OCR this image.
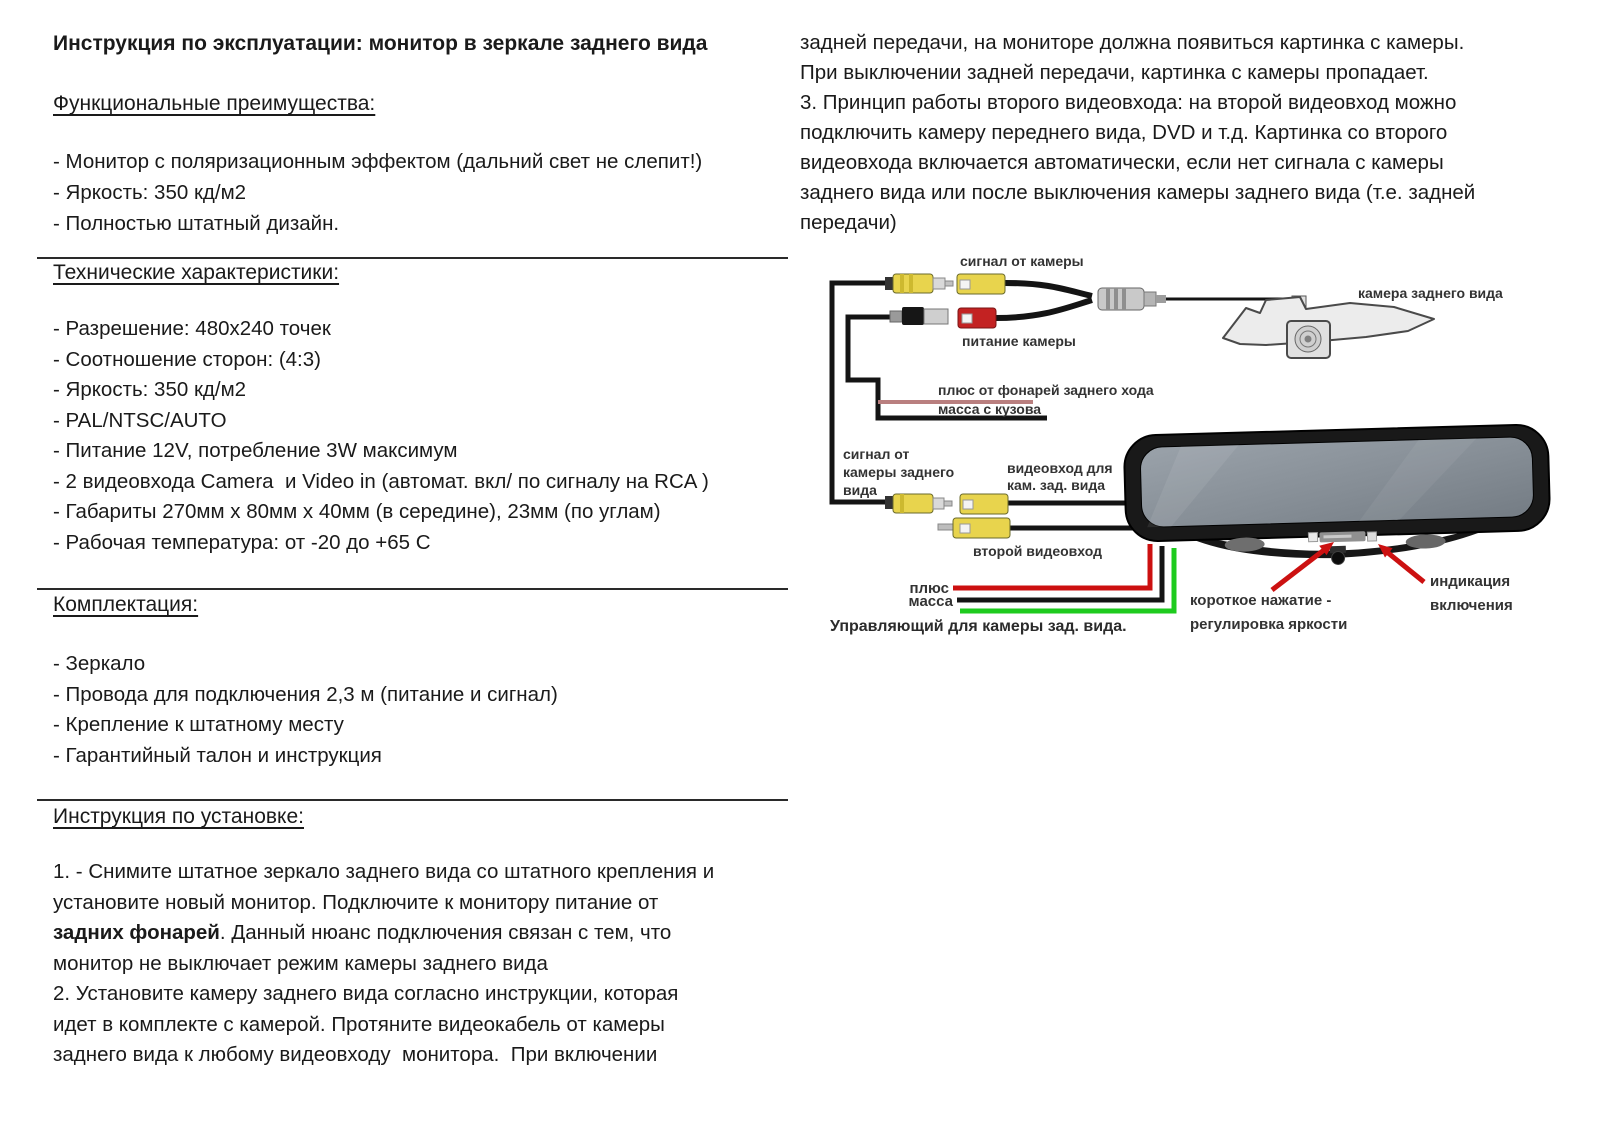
Инструкция по эксплуатации: монитор в зеркале заднего вида
Функциональные преимущества:
- Монитор с поляризационным эффектом (дальний свет не слепит!)
- Яркость: 350 кд/м2
- Полностью штатный дизайн.
Технические характеристики:
- Разрешение: 480х240 точек
- Соотношение сторон: (4:3)
- Яркость: 350 кд/м2
- PAL/NTSC/AUTO
- Питание 12V, потребление 3W максимум
- 2 видеовхода Camera  и Video in (автомат. вкл/ по сигналу на RCA )
- Габариты 270мм х 80мм х 40мм (в середине), 23мм (по углам)
- Рабочая температура: от -20 до +65 С
Комплектация:
- Зеркало
- Провода для подключения 2,3 м (питание и сигнал)
- Крепление к штатному месту
- Гарантийный талон и инструкция
Инструкция по установке:
1. - Снимите штатное зеркало заднего вида со штатного крепления и
установите новый монитор. Подключите к монитору питание от
задних фонарей. Данный нюанс подключения связан с тем, что
монитор не выключает режим камеры заднего вида
2. Установите камеру заднего вида согласно инструкции, которая
идет в комплекте с камерой. Протяните видеокабель от камеры
заднего вида к любому видеовходу  монитора.  При включении
задней передачи, на мониторе должна появиться картинка с камеры.
При выключении задней передачи, картинка с камеры пропадает.
3. Принцип работы второго видеовхода: на второй видеовход можно
подключить камеру переднего вида, DVD и т.д. Картинка со второго
видеовхода включается автоматически, если нет сигнала с камеры
заднего вида или после выключения камеры заднего вида (т.е. задней
передачи)
сигнал от камеры
питание камеры
камера заднего вида
плюс от фонарей заднего хода
масса с кузова
сигнал от
камеры заднего
вида
видеовход для
кам. зад. вида
второй видеовход
плюс
масса
Управляющий для камеры зад. вида.
короткое нажатие -
регулировка яркости
индикация
включения
